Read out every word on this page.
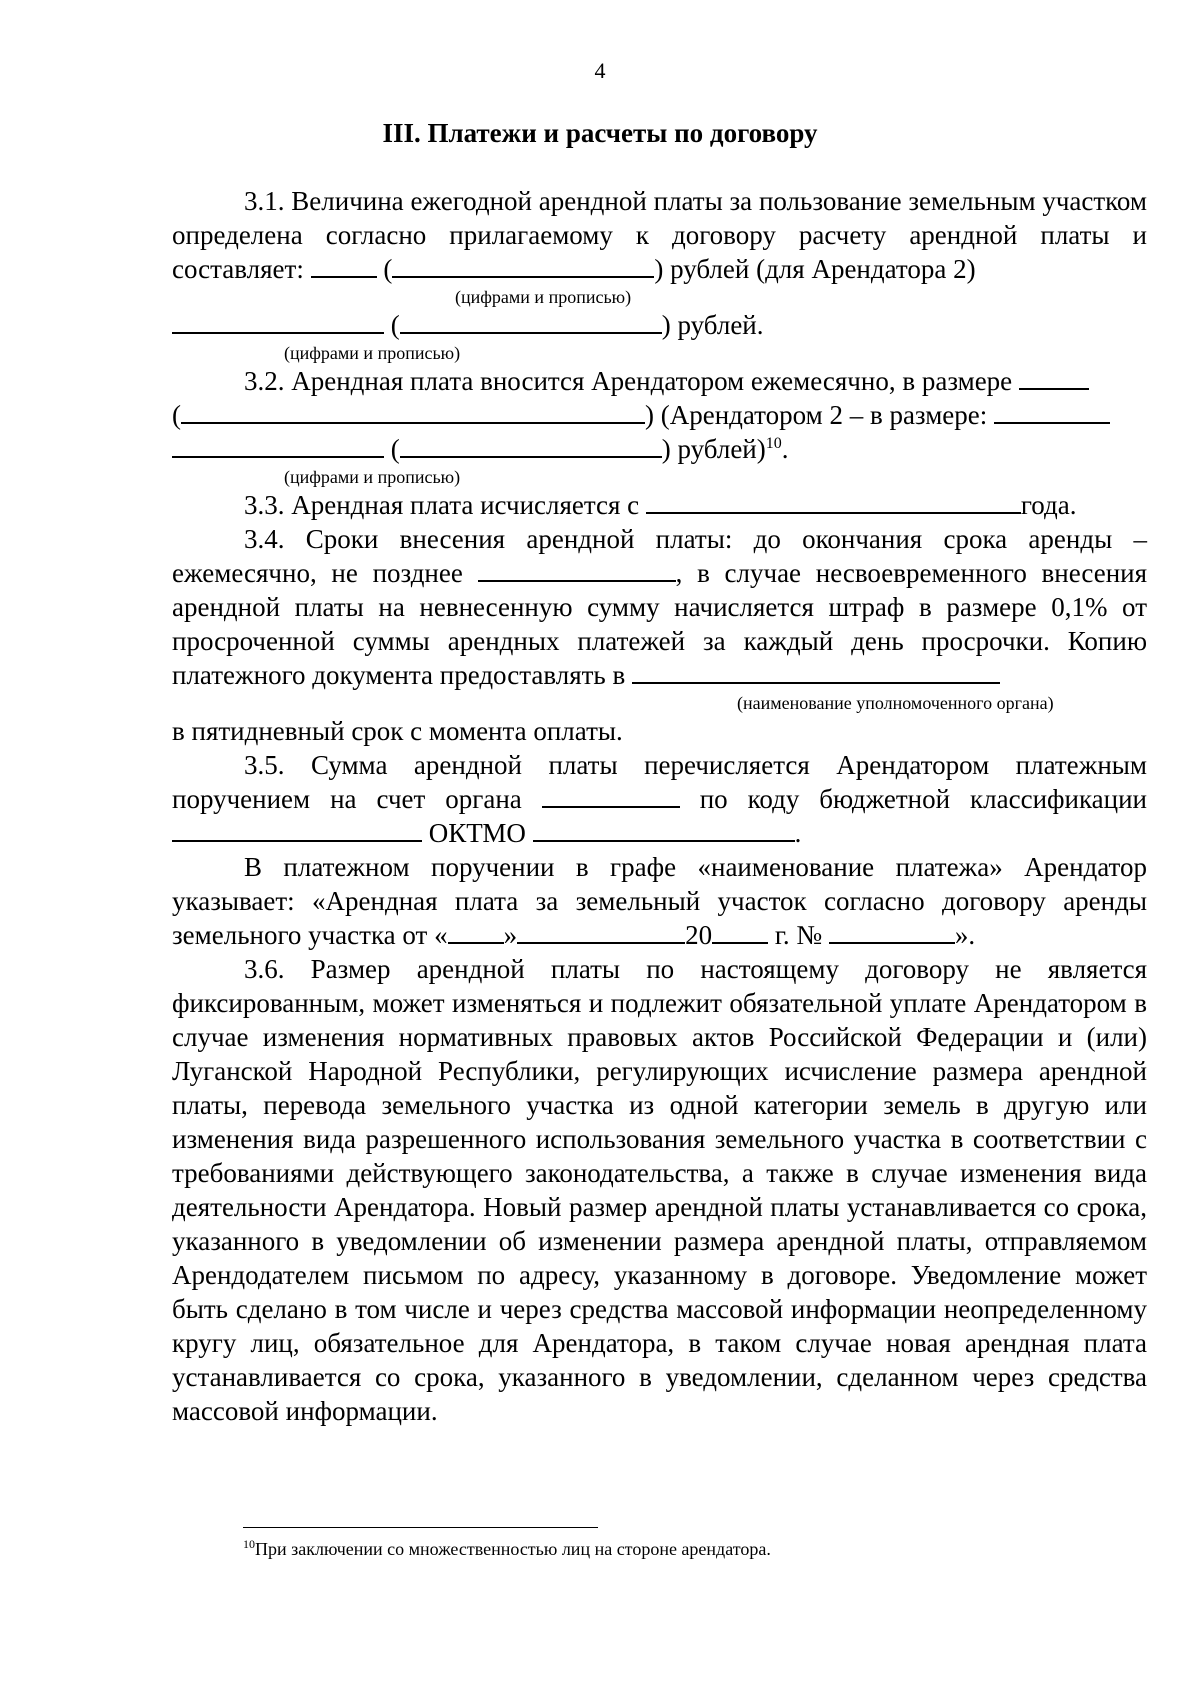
4
III. Платежи и расчеты по договору

3.1. Величина ежегодной арендной платы за пользование земельным участком определена согласно прилагаемому к договору расчету арендной платы и составляет:	(	) рублей (для Арендатора 2)

(цифрами и прописью)

(	) рублей.

(цифрами и прописью)

3.2. Арендная плата вносится Арендатором ежемесячно, в размере

(	) (Арендатором 2 – в размере:

(	) рублей)$^{10}$.

(цифрами и прописью)

3.3. Арендная плата исчисляется с	года.

3.4. Сроки внесения арендной платы: до окончания срока аренды – ежемесячно, не позднее	, в случае несвоевременного внесения арендной платы на невнесенную сумму начисляется штраф в размере 0,1% от просроченной суммы арендных платежей за каждый день просрочки. Копию платежного документа предоставлять в

(наименование уполномоченного органа)

в пятидневный срок с момента оплаты.

3.5. Сумма арендной платы перечисляется Арендатором платежным поручением на счет органа	по коду бюджетной классификации  ОКТМО	.

В платежном поручении в графе «наименование платежа» Арендатор указывает: «Арендная плата за земельный участок согласно договору аренды земельного участка от « »	20 г. №	».

3.6. Размер арендной платы по настоящему договору не является фиксированным, может изменяться и подлежит обязательной уплате Арендатором в случае изменения нормативных правовых актов Российской Федерации и (или) Луганской Народной Республики, регулирующих исчисление размера арендной платы, перевода земельного участка из одной категории земель в другую или изменения вида разрешенного использования земельного участка в соответствии с требованиями действующего законодательства, а также в случае изменения вида деятельности Арендатора. Новый размер арендной платы устанавливается со срока, указанного в уведомлении об изменении размера арендной платы, отправляемом Арендодателем письмом по адресу, указанному в договоре. Уведомление может быть сделано в том числе и через средства массовой информации неопределенному кругу лиц, обязательное для Арендатора, в таком случае новая арендная плата устанавливается со срока, указанного в уведомлении, сделанном через средства массовой информации.

$^{10}$При заключении со множественностью лиц на стороне арендатора.
